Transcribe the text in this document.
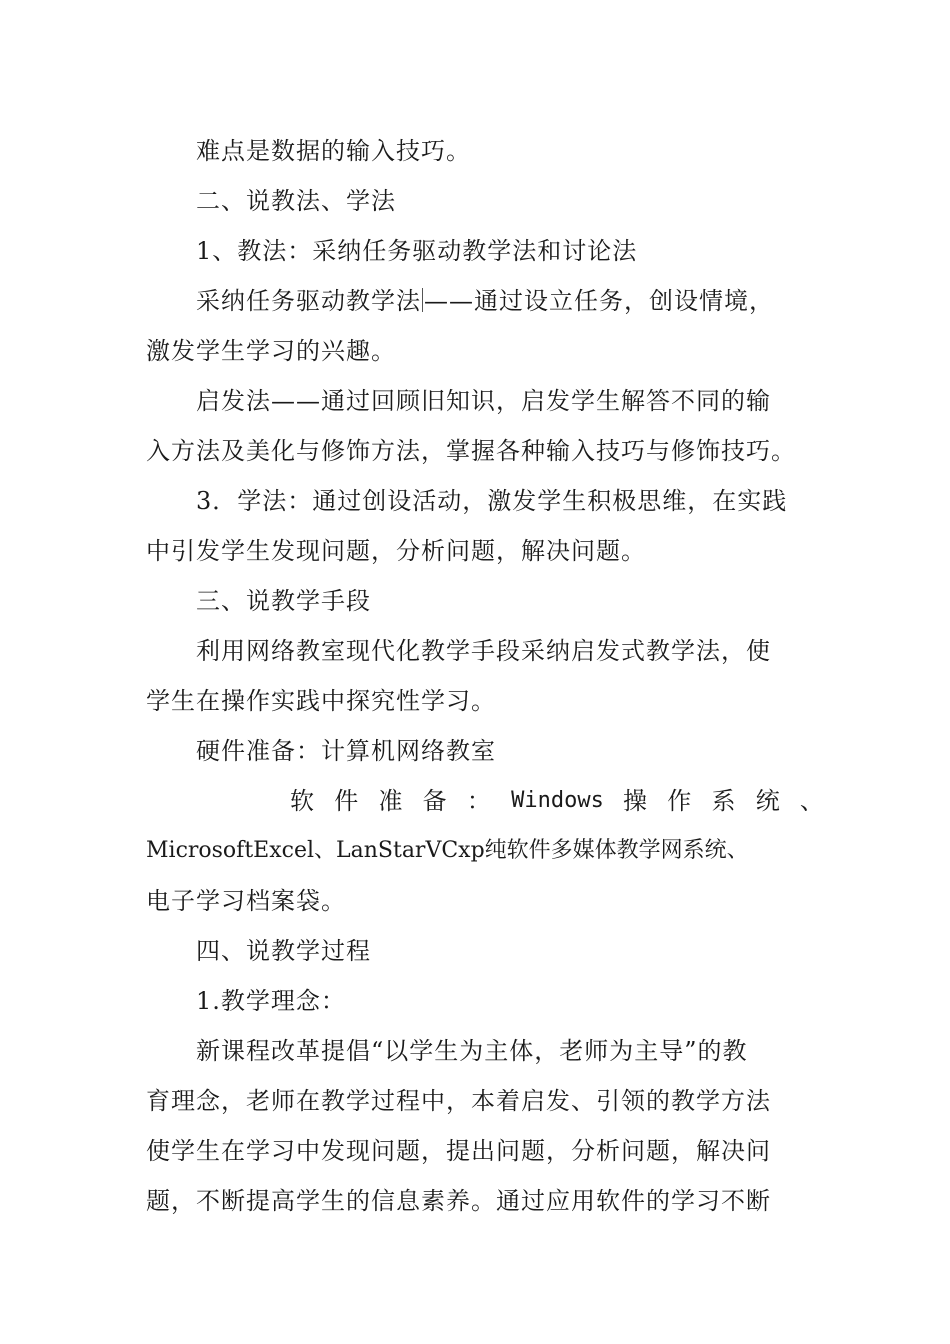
难点是数据的输入技巧。
二、说教法、学法
1、教法：采纳任务驱动教学法和讨论法
采纳任务驱动教学法 ——通过设立任务，创设情境，
激发学生学习的兴趣。
启发法——通过回顾旧知识，启发学生解答不同的输
入方法及美化与修饰方法，掌握各种输入技巧与修饰技巧。
3．学法：通过创设活动，激发学生积极思维，在实践
中引发学生发现问题，分析问题，解决问题。
三、说教学手段
利用网络教室现代化教学手段采纳启发式教学法，使
学生在操作实践中探究性学习。
硬件准备：计算机网络教室
软 件 准 备 ： Windows 操 作 系 统 、
MicrosoftExcel、LanStarVCxp纯软件多媒体教学网系统、
电子学习档案袋。
四、说教学过程
1.教学理念：
新课程改革提倡“以学生为主体，老师为主导”的教
育理念，老师在教学过程中，本着启发、引领的教学方法
使学生在学习中发现问题，提出问题，分析问题，解决问
题，不断提高学生的信息素养。通过应用软件的学习不断
